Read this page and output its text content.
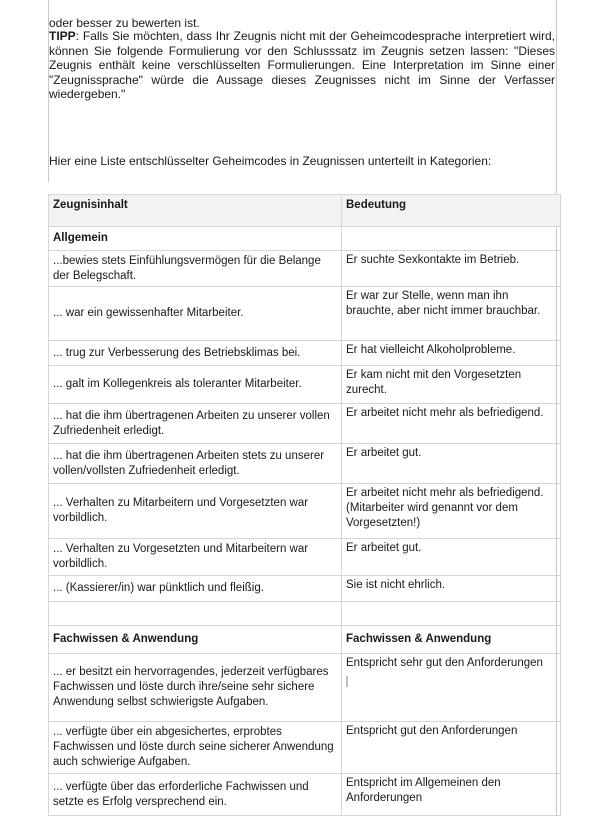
oder besser zu bewerten ist.
TIPP: Falls Sie möchten, dass Ihr Zeugnis nicht mit der Geheimcodesprache interpretiert wird, können Sie folgende Formulierung vor den Schlusssatz im Zeugnis setzen lassen: "Dieses Zeugnis enthält keine verschlüsselten Formulierungen. Eine Interpretation im Sinne einer "Zeugnissprache" würde die Aussage dieses Zeugnisses nicht im Sinne der Verfasser wiedergeben."
Hier eine Liste entschlüsselter Geheimcodes in Zeugnissen unterteilt in Kategorien:
Zeugnisinhalt	Bedeutung
Allgemein	
...bewies stets Einfühlungsvermögen für die Belange der Belegschaft.	Er suchte Sexkontakte im Betrieb.
... war ein gewissenhafter Mitarbeiter.	Er war zur Stelle, wenn man ihn brauchte, aber nicht immer brauchbar.
... trug zur Verbesserung des Betriebsklimas bei.	Er hat vielleicht Alkoholprobleme.
... galt im Kollegenkreis als toleranter Mitarbeiter.	Er kam nicht mit den Vorgesetzten zurecht.
... hat die ihm übertragenen Arbeiten zu unserer vollen Zufriedenheit erledigt.	Er arbeitet nicht mehr als befriedigend.
... hat die ihm übertragenen Arbeiten stets zu unserer vollen/vollsten Zufriedenheit erledigt.	Er arbeitet gut.
... Verhalten zu Mitarbeitern und Vorgesetzten war vorbildlich.	Er arbeitet nicht mehr als befriedigend. (Mitarbeiter wird genannt vor dem Vorgesetzten!)
... Verhalten zu Vorgesetzten und Mitarbeitern war vorbildlich.	Er arbeitet gut.
... (Kassierer/in) war pünktlich und fleißig.	Sie ist nicht ehrlich.

Fachwissen & Anwendung	Fachwissen & Anwendung
... er besitzt ein hervorragendes, jederzeit verfügbares Fachwissen und löste durch ihre/seine sehr sichere Anwendung selbst schwierigste Aufgaben.	Entspricht sehr gut den Anforderungen

... verfügte über ein abgesichertes, erprobtes Fachwissen und löste durch seine sicherer Anwendung auch schwierige Aufgaben.	Entspricht gut den Anforderungen
... verfügte über das erforderliche Fachwissen und setzte es Erfolg versprechend ein.	Entspricht im Allgemeinen den Anforderungen
